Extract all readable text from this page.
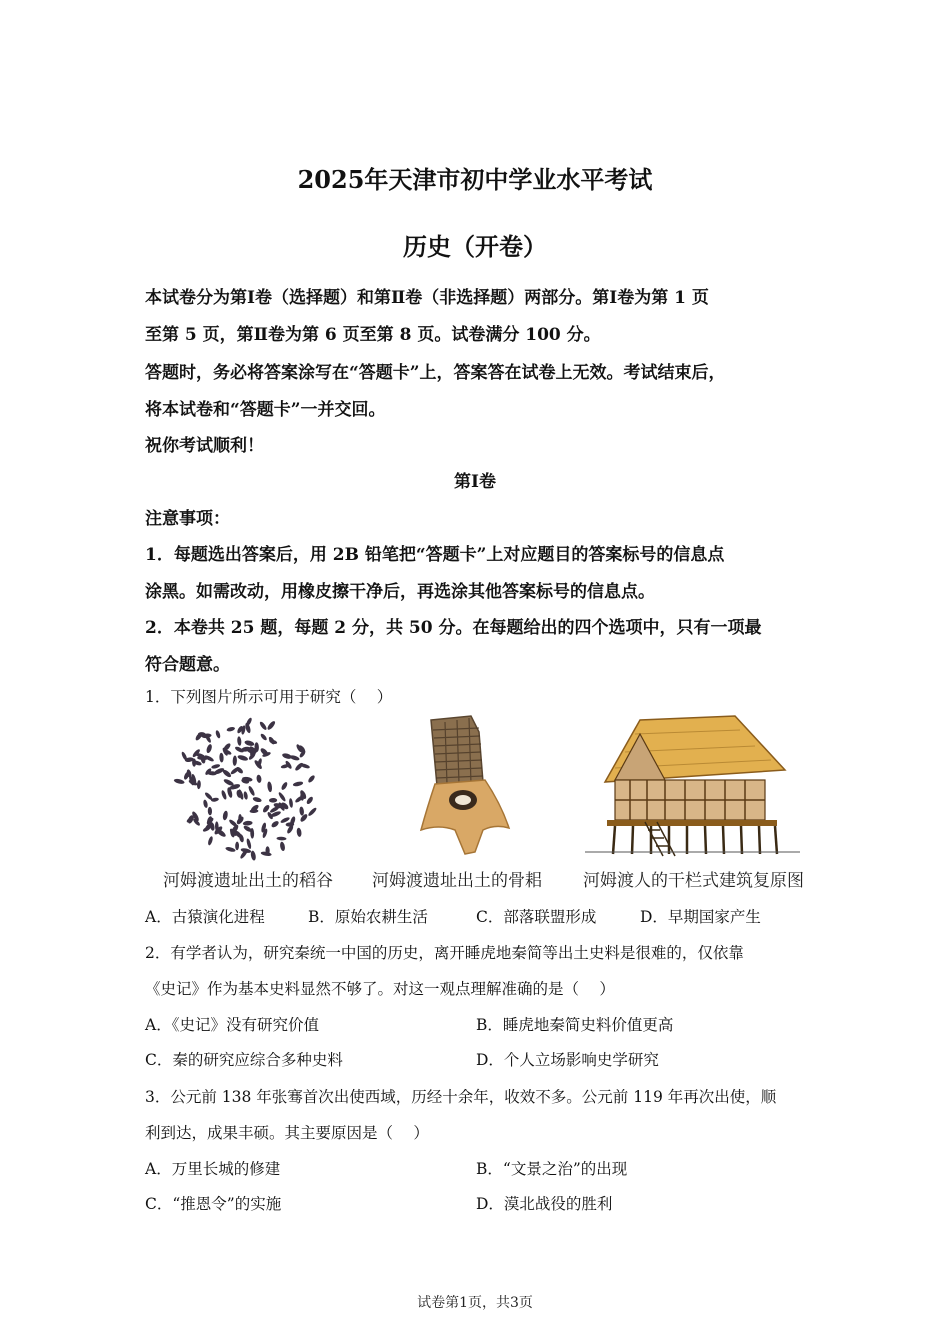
2025年天津市初中学业水平考试
历史（开卷）
本试卷分为第Ⅰ卷（选择题）和第Ⅱ卷（非选择题）两部分。第Ⅰ卷为第 1 页
至第 5 页，第Ⅱ卷为第 6 页至第 8 页。试卷满分 100 分。
答题时，务必将答案涂写在“答题卡”上，答案答在试卷上无效。考试结束后，
将本试卷和“答题卡”一并交回。
祝你考试顺利！
第Ⅰ卷
注意事项：
1．每题选出答案后，用 2B 铅笔把“答题卡”上对应题目的答案标号的信息点
涂黑。如需改动，用橡皮擦干净后，再选涂其他答案标号的信息点。
2．本卷共 25 题，每题 2 分，共 50 分。在每题给出的四个选项中，只有一项最
符合题意。
1．下列图片所示可用于研究（　 ）
河姆渡遗址出土的稻谷 河姆渡遗址出土的骨耜 河姆渡人的干栏式建筑复原图
A．古猿演化进程	B．原始农耕生活	C．部落联盟形成	D．早期国家产生
2．有学者认为，研究秦统一中国的历史，离开睡虎地秦简等出土史料是很难的，仅依靠
《史记》作为基本史料显然不够了。对这一观点理解准确的是（　 ）
A．《史记》没有研究价值	B．睡虎地秦简史料价值更高
C．秦的研究应综合多种史料	D．个人立场影响史学研究
3．公元前 138 年张骞首次出使西域，历经十余年，收效不多。公元前 119 年再次出使，顺
利到达，成果丰硕。其主要原因是（　 ）
A．万里长城的修建	B．“文景之治”的出现
C．“推恩令”的实施	D．漠北战役的胜利
试卷第1页，共3页
